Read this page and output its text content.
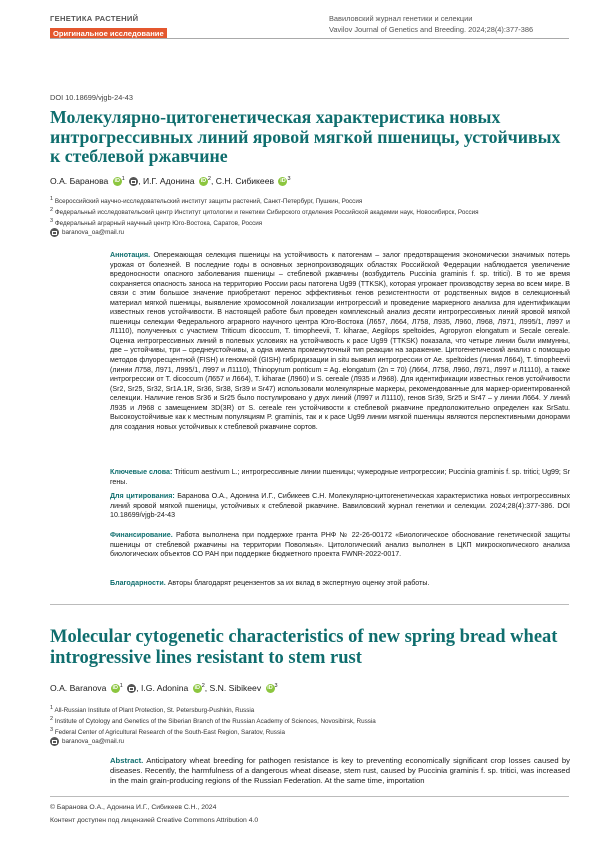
ГЕНЕТИКА РАСТЕНИЙ
Оригинальное исследование
Вавиловский журнал генетики и селекции
Vavilov Journal of Genetics and Breeding. 2024;28(4):377-386
DOI 10.18699/vjgb-24-43
Молекулярно-цитогенетическая характеристика новых интрогрессивных линий яровой мягкой пшеницы, устойчивых к стеблевой ржавчине
О.А. Баранова iD $^1$ , И.Г. Адонина iD $^2$, С.Н. Сибикеев iD $^3$
$^1$ Всероссийский научно-исследовательский институт защиты растений, Санкт-Петербург, Пушкин, Россия
$^2$ Федеральный исследовательский центр Институт цитологии и генетики Сибирского отделения Российской академии наук, Новосибирск, Россия
$^3$ Федеральный аграрный научный центр Юго-Востока, Саратов, Россия
baranova_oa@mail.ru
Аннотация. Опережающая селекция пшеницы на устойчивость к патогенам – залог предотвращения экономически значимых потерь урожая от болезней. В последние годы в основных зернопроизводящих областях Российской Федерации наблюдается увеличение вредоносности опасного заболевания пшеницы – стеблевой ржавчины (возбудитель Puccinia graminis f. sp. tritici). В то же время сохраняется опасность заноса на территорию России расы патогена Ug99 (TTKSK), которая угрожает производству зерна во всем мире. В связи с этим большое значение приобретают перенос эффективных генов резистентности от родственных видов в селекционный материал мягкой пшеницы, выявление хромосомной локализации интрогрессий и проведение маркерного анализа для идентификации известных генов устойчивости. В настоящей работе был проведен комплексный анализ десяти интрогрессивных линий яровой мягкой пшеницы селекции Федерального аграрного научного центра Юго-Востока (Л657, Л664, Л758, Л935, Л960, Л968, Л971, Л995/1, Л997 и Л1110), полученных с участием Triticum dicoccum, T. timopheevii, T. kiharae, Aegilops speltoides, Agropyron elongatum и Secale cereale. Оценка интрогрессивных линий в полевых условиях на устойчивость к расе Ug99 (TTKSK) показала, что четыре линии были иммунны, две – устойчивы, три – среднеустойчивы, а одна имела промежуточный тип реакции на заражение. Цитогенетический анализ с помощью методов флуоресцентной (FISH) и геномной (GISH) гибридизации in situ выявил интрогрессии от Ae. speltoides (линия Л664), T. timopheevii (линии Л758, Л971, Л995/1, Л997 и Л1110), Thinopyrum ponticum = Ag. elongatum (2n = 70) (Л664, Л758, Л960, Л971, Л997 и Л1110), а также интрогрессии от T. dicoccum (Л657 и Л664), T. kiharae (Л960) и S. cereale (Л935 и Л968). Для идентификации известных генов устойчивости (Sr2, Sr25, Sr32, Sr1A.1R, Sr36, Sr38, Sr39 и Sr47) использовали молекулярные маркеры, рекомендованные для маркер-ориентированной селекции. Наличие генов Sr36 и Sr25 было постулировано у двух линий (Л997 и Л1110), генов Sr39, Sr25 и Sr47 – у линии Л664. У линий Л935 и Л968 с замещением 3D(3R) от S. cereale ген устойчивости к стеблевой ржавчине предположительно определен как SrSatu. Высокоустойчивые как к местным популяциям P. graminis, так и к расе Ug99 линии мягкой пшеницы являются перспективными донорами для создания новых устойчивых к стеблевой ржавчине сортов.
Ключевые слова: Triticum aestivum L.; интрогрессивные линии пшеницы; чужеродные интрогрессии; Puccinia graminis f. sp. tritici; Ug99; Sr гены.
Для цитирования: Баранова О.А., Адонина И.Г., Сибикеев С.Н. Молекулярно-цитогенетическая характеристика новых интрогрессивных линий яровой мягкой пшеницы, устойчивых к стеблевой ржавчине. Вавиловский журнал генетики и селекции. 2024;28(4):377-386. DOI 10.18699/vjgb-24-43
Финансирование. Работа выполнена при поддержке гранта РНФ № 22-26-00172 «Биологическое обоснование генетической защиты пшеницы от стеблевой ржавчины на территории Поволжья». Цитологический анализ выполнен в ЦКП микроскопического анализа биологических объектов СО РАН при поддержке бюджетного проекта FWNR-2022-0017.
Благодарности. Авторы благодарят рецензентов за их вклад в экспертную оценку этой работы.
Molecular cytogenetic characteristics of new spring bread wheat introgressive lines resistant to stem rust
O.A. Baranova iD $^1$ , I.G. Adonina iD $^2$, S.N. Sibikeev iD $^3$
$^1$ All-Russian Institute of Plant Protection, St. Petersburg-Pushkin, Russia
$^2$ Institute of Cytology and Genetics of the Siberian Branch of the Russian Academy of Sciences, Novosibirsk, Russia
$^3$ Federal Center of Agricultural Research of the South-East Region, Saratov, Russia
baranova_oa@mail.ru
Abstract. Anticipatory wheat breeding for pathogen resistance is key to preventing economically significant crop losses caused by diseases. Recently, the harmfulness of a dangerous wheat disease, stem rust, caused by Puccinia graminis f. sp. tritici, was increased in the main grain-producing regions of the Russian Federation. At the same time, importation
© Баранова О.А., Адонина И.Г., Сибикеев С.Н., 2024
Контент доступен под лицензией Creative Commons Attribution 4.0
